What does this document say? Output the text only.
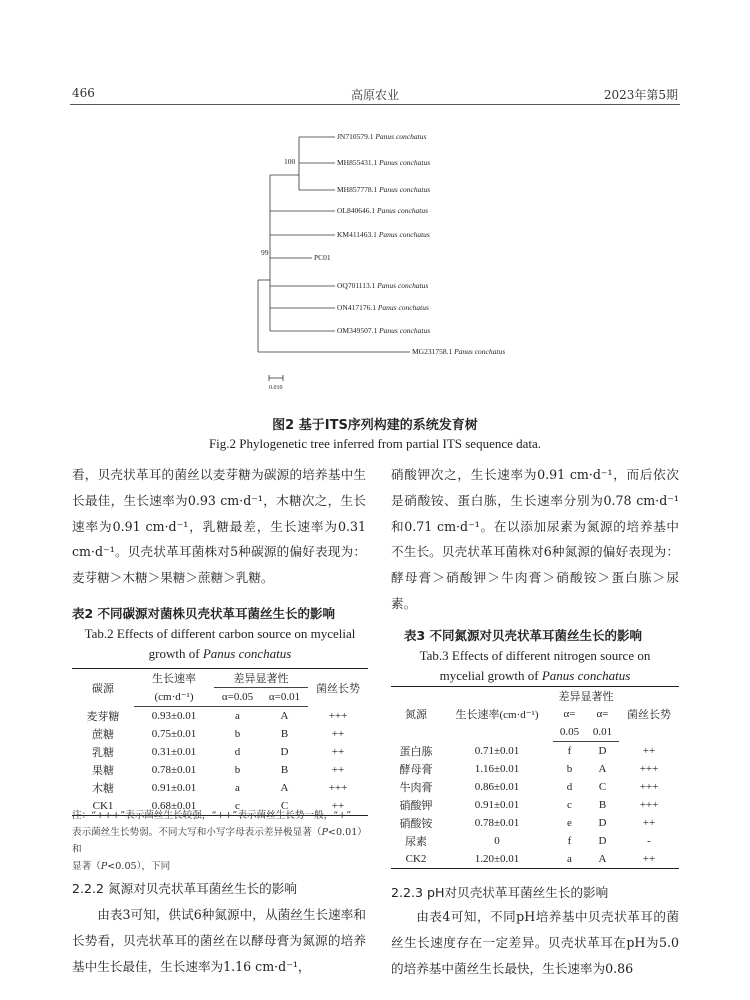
466	高原农业	2023年第5期
100
99
JN710579.1 Panus conchatus
MH855431.1 Panus conchatus
MH857778.1 Panus conchatus
OL840646.1 Panus conchatus
KM411463.1 Panus conchatus
PC01
OQ701113.1 Panus conchatus
ON417176.1 Panus conchatus
OM349507.1 Panus conchatus
MG231758.1 Panus conchatus
0.010
图2 基于ITS序列构建的系统发育树
Fig.2 Phylogenetic tree inferred from partial ITS sequence data.

看，贝壳状革耳的菌丝以麦芽糖为碳源的培养基中生长最佳，生长速率为0.93 cm·d⁻¹，木糖次之，生长速率为0.91 cm·d⁻¹，乳糖最差，生长速率为0.31 cm·d⁻¹。贝壳状革耳菌株对5种碳源的偏好表现为：麦芽糖＞木糖＞果糖＞蔗糖＞乳糖。

表2 不同碳源对菌株贝壳状革耳菌丝生长的影响
Tab.2 Effects of different carbon source on mycelial
growth of Panus conchatus
碳源	生长速率	差异显著性		菌丝长势
	(cm·d⁻¹)	α=0.05	α=0.01	
麦芽糖	0.93±0.01	a	A	+++
蔗糖	0.75±0.01	b	B	++
乳糖	0.31±0.01	d	D	++
果糖	0.78±0.01	b	B	++
木糖	0.91±0.01	a	A	+++
CK1	0.68±0.01	c	C	++
注：“+++”表示菌丝生长较强，“++”表示菌丝生长势一般，“+”
表示菌丝生长势弱。不同大写和小写字母表示差异极显著（P<0.01）和
显著（P<0.05），下同
2.2.2 氮源对贝壳状革耳菌丝生长的影响

由表3可知，供试6种氮源中，从菌丝生长速率和长势看，贝壳状革耳的菌丝在以酵母膏为氮源的培养基中生长最佳，生长速率为1.16 cm·d⁻¹，

硝酸钾次之，生长速率为0.91 cm·d⁻¹，而后依次是硝酸铵、蛋白胨，生长速率分别为0.78 cm·d⁻¹和0.71 cm·d⁻¹。在以添加尿素为氮源的培养基中不生长。贝壳状革耳菌株对6种氮源的偏好表现为：酵母膏＞硝酸钾＞牛肉膏＞硝酸铵＞蛋白胨＞尿素。

表3 不同氮源对贝壳状革耳菌丝生长的影响
Tab.3 Effects of different nitrogen source on
mycelial growth of Panus conchatus
氮源	生长速率(cm·d⁻¹)	差异显著性		菌丝长势
		α=	α=	
		0.05	0.01	
蛋白胨	0.71±0.01	f	D	++
酵母膏	1.16±0.01	b	A	+++
牛肉膏	0.86±0.01	d	C	+++
硝酸钾	0.91±0.01	c	B	+++
硝酸铵	0.78±0.01	e	D	++
尿素	0	f	D	-
CK2	1.20±0.01	a	A	++
2.2.3 pH对贝壳状革耳菌丝生长的影响

由表4可知，不同pH培养基中贝壳状革耳的菌丝生长速度存在一定差异。贝壳状革耳在pH为5.0的培养基中菌丝生长最快，生长速率为0.86
